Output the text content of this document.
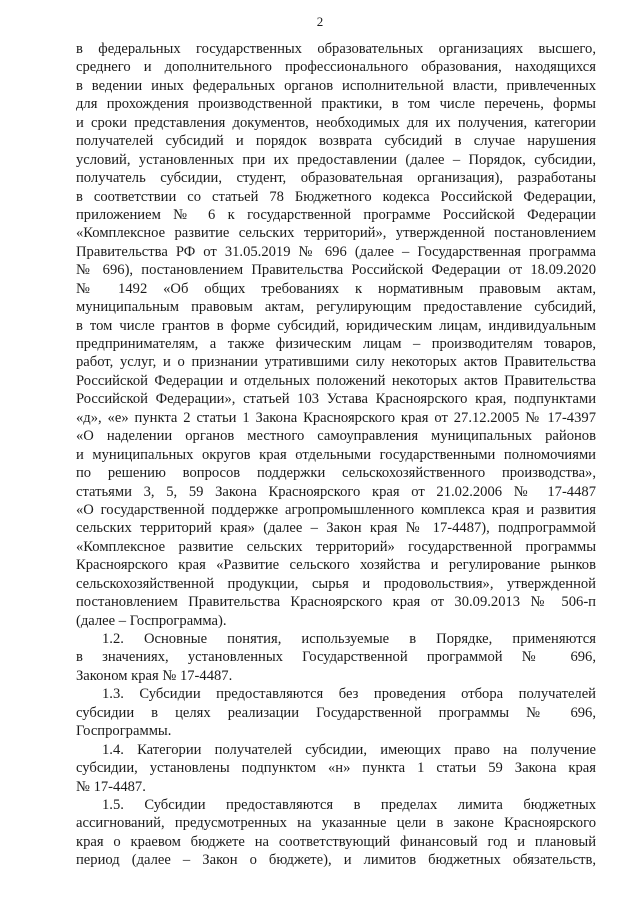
2
в федеральных государственных образовательных организациях высшего,
среднего и дополнительного профессионального образования, находящихся
в ведении иных федеральных органов исполнительной власти, привлеченных
для прохождения производственной практики, в том числе перечень, формы
и сроки представления документов, необходимых для их получения, категории
получателей субсидий и порядок возврата субсидий в случае нарушения
условий, установленных при их предоставлении (далее – Порядок, субсидии,
получатель субсидии, студент, образовательная организация), разработаны
в соответствии со статьей 78 Бюджетного кодекса Российской Федерации,
приложением № 6 к государственной программе Российской Федерации
«Комплексное развитие сельских территорий», утвержденной постановлением
Правительства РФ от 31.05.2019 № 696 (далее – Государственная программа
№ 696), постановлением Правительства Российской Федерации от 18.09.2020
№ 1492 «Об общих требованиях к нормативным правовым актам,
муниципальным правовым актам, регулирующим предоставление субсидий,
в том числе грантов в форме субсидий, юридическим лицам, индивидуальным
предпринимателям, а также физическим лицам – производителям товаров,
работ, услуг, и о признании утратившими силу некоторых актов Правительства
Российской Федерации и отдельных положений некоторых актов Правительства
Российской Федерации», статьей 103 Устава Красноярского края, подпунктами
«д», «е» пункта 2 статьи 1 Закона Красноярского края от 27.12.2005 № 17-4397
«О наделении органов местного самоуправления муниципальных районов
и муниципальных округов края отдельными государственными полномочиями
по решению вопросов поддержки сельскохозяйственного производства»,
статьями 3, 5, 59 Закона Красноярского края от 21.02.2006 № 17-4487
«О государственной поддержке агропромышленного комплекса края и развития
сельских территорий края» (далее – Закон края № 17-4487), подпрограммой
«Комплексное развитие сельских территорий» государственной программы
Красноярского края «Развитие сельского хозяйства и регулирование рынков
сельскохозяйственной продукции, сырья и продовольствия», утвержденной
постановлением Правительства Красноярского края от 30.09.2013 № 506-п
(далее – Госпрограмма).
1.2. Основные понятия, используемые в Порядке, применяются
в значениях, установленных Государственной программой № 696,
Законом края № 17-4487.
1.3. Субсидии предоставляются без проведения отбора получателей
субсидии в целях реализации Государственной программы № 696,
Госпрограммы.
1.4. Категории получателей субсидии, имеющих право на получение
субсидии, установлены подпунктом «н» пункта 1 статьи 59 Закона края
№ 17-4487.
1.5. Субсидии предоставляются в пределах лимита бюджетных
ассигнований, предусмотренных на указанные цели в законе Красноярского
края о краевом бюджете на соответствующий финансовый год и плановый
период (далее – Закон о бюджете), и лимитов бюджетных обязательств,
